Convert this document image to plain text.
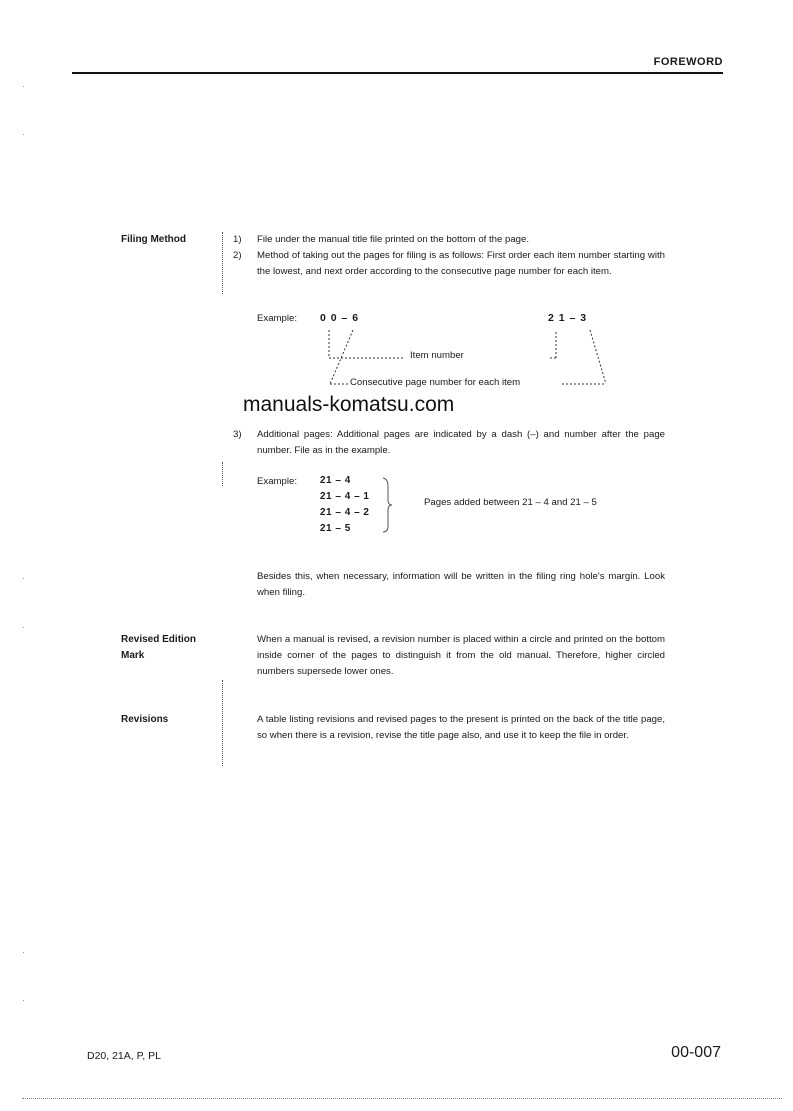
FOREWORD
·
·
·
·
·
·
Filing Method	1) File under the manual title file printed on the bottom of the page.
2) Method of taking out the pages for filing is as follows: First order each item number starting with the lowest, and next order according to the consecutive page number for each item.
Example: 0 0 – 6	2 1 – 3
Item number
Consecutive page number for each item
manuals-komatsu.com
3) Additional pages: Additional pages are indicated by a dash (–) and number after the page number. File as in the example.
Example: 21 – 4
21 – 4 – 1
21 – 4 – 2
21 – 5
Pages added between 21 – 4 and 21 – 5
Besides this, when necessary, information will be written in the filing ring hole's margin. Look when filing.
Revised Edition
Mark
When a manual is revised, a revision number is placed within a circle and printed on the bottom inside corner of the pages to distinguish it from the old manual. Therefore, higher circled numbers supersede lower ones.
Revisions	A table listing revisions and revised pages to the present is printed on the back of the title page, so when there is a revision, revise the title page also, and use it to keep the file in order.
D20, 21A, P, PL	00-007
